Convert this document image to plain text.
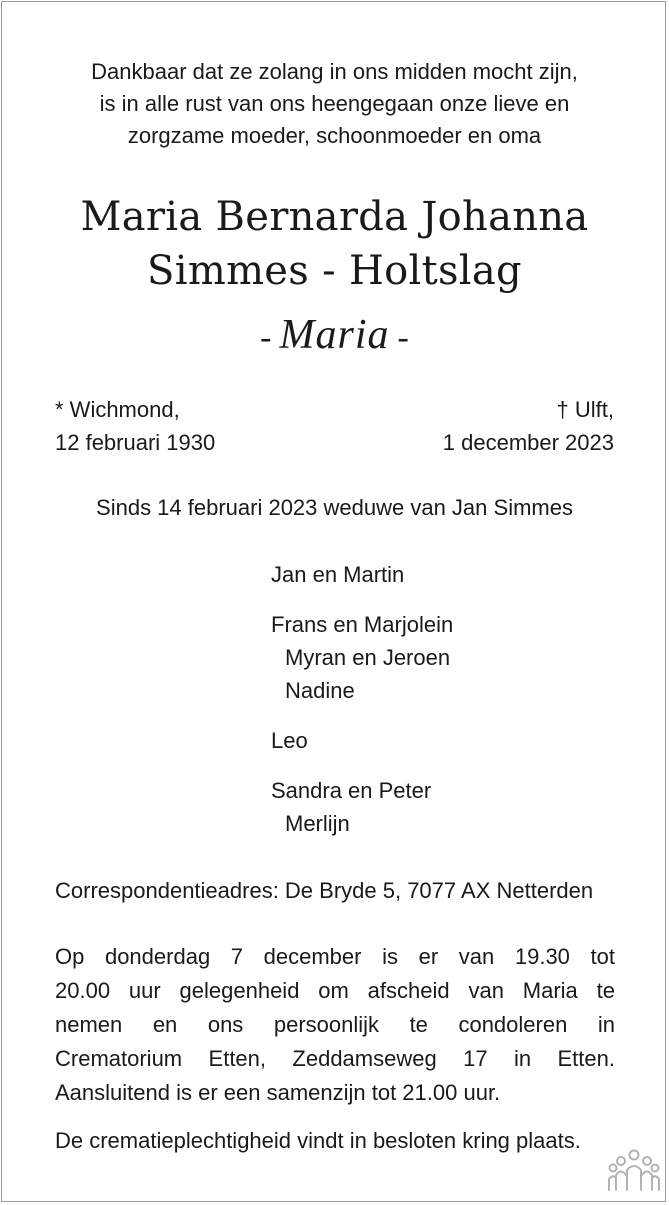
Dankbaar dat ze zolang in ons midden mocht zijn,
is in alle rust van ons heengegaan onze lieve en
zorgzame moeder, schoonmoeder en oma
Maria Bernarda Johanna
Simmes - Holtslag
- Maria -
* Wichmond,
12 februari 1930
† Ulft,
1 december 2023
Sinds 14 februari 2023 weduwe van Jan Simmes
Jan en Martin
Frans en Marjolein
Myran en Jeroen
Nadine
Leo
Sandra en Peter
Merlijn
Correspondentieadres: De Bryde 5, 7077 AX Netterden
Op donderdag 7 december is er van 19.30 tot
20.00 uur gelegenheid om afscheid van Maria te
nemen en ons persoonlijk te condoleren in
Crematorium Etten, Zeddamseweg 17 in Etten.
Aansluitend is er een samenzijn tot 21.00 uur.
De crematieplechtigheid vindt in besloten kring plaats.
